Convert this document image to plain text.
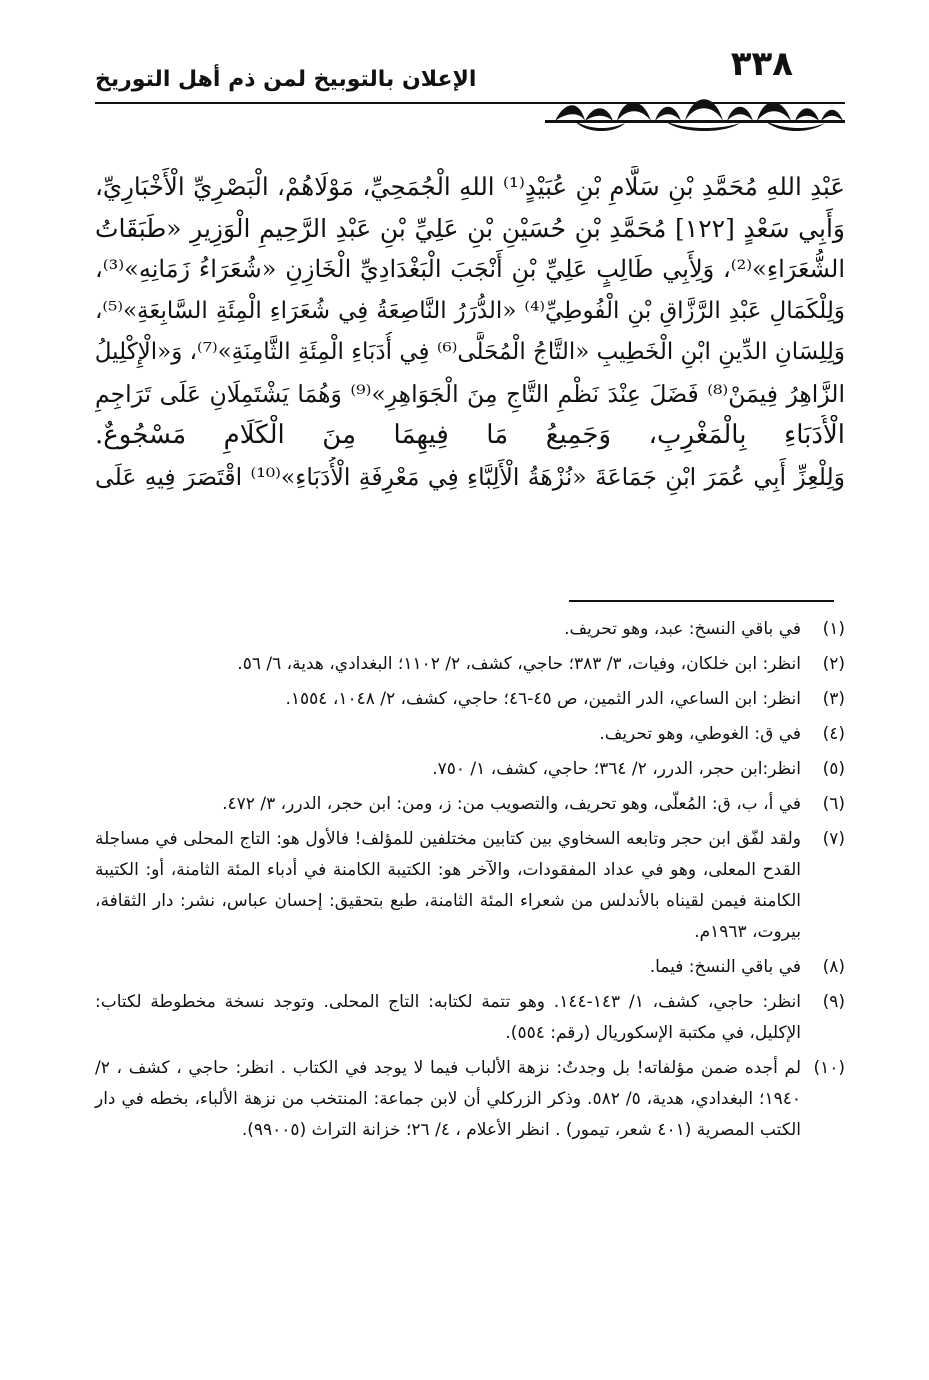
٣٣٨
الإعلان بالتوبيخ لمن ذم أهل التوريخ
عَبْدِ اللهِ مُحَمَّدِ بْنِ سَلَّامِ بْنِ عُبَيْدٍ⁽¹⁾ اللهِ الْجُمَحِيِّ، مَوْلَاهُمْ، الْبَصْرِيِّ الْأَخْبَارِيِّ،
وَأَبِي سَعْدٍ [١٢٢] مُحَمَّدِ بْنِ حُسَيْنِ بْنِ عَلِيِّ بْنِ عَبْدِ الرَّحِيمِ الْوَزِيرِ «طَبَقَاتُ
الشُّعَرَاءِ»⁽²⁾، وَلِأَبِي طَالِبٍ عَلِيِّ بْنِ أَنْجَبَ الْبَغْدَادِيِّ الْخَازِنِ «شُعَرَاءُ زَمَانِهِ»⁽³⁾،
وَلِلْكَمَالِ عَبْدِ الرَّزَّاقِ بْنِ الْفُوطِيِّ⁽⁴⁾ «الدُّرَرُ النَّاصِعَةُ فِي شُعَرَاءِ الْمِئَةِ السَّابِعَةِ»⁽⁵⁾،
وَلِلِسَانِ الدِّينِ ابْنِ الْخَطِيبِ «التَّاجُ الْمُحَلَّى⁽⁶⁾ فِي أُدَبَاءِ الْمِئَةِ الثَّامِنَةِ»⁽⁷⁾، وَ«الْإِكْلِيلُ
الزَّاهِرُ فِيمَنْ⁽⁸⁾ فَضَلَ عِنْدَ نَظْمِ التَّاجِ مِنَ الْجَوَاهِرِ»⁽⁹⁾ وَهُمَا يَشْتَمِلَانِ عَلَى تَرَاجِمِ
الْأُدَبَاءِ بِالْمَغْرِبِ، وَجَمِيعُ مَا فِيهِمَا مِنَ الْكَلَامِ مَسْجُوعٌ.
وَلِلْعِزِّ أَبِي عُمَرَ ابْنِ جَمَاعَةَ «نُزْهَةُ الْأَلِبَّاءِ فِي مَعْرِفَةِ الْأُدَبَاءِ»⁽¹⁰⁾ اقْتَصَرَ فِيهِ عَلَى
(١)
في باقي النسخ: عبد، وهو تحريف.
(٢)
انظر: ابن خلكان، وفيات، ٣/ ٣٨٣؛ حاجي، كشف، ٢/ ١١٠٢؛ البغدادي، هدية، ٦/ ٥٦.
(٣)
انظر: ابن الساعي، الدر الثمين، ص ٤٥-٤٦؛ حاجي، كشف، ٢/ ١٠٤٨، ١٥٥٤.
(٤)
في ق: الغوطي، وهو تحريف.
(٥)
انظر:ابن حجر، الدرر، ٢/ ٣٦٤؛ حاجي، كشف، ١/ ٧٥٠.
(٦)
في أ، ب، ق: المُعلّى، وهو تحريف، والتصويب من: ز، ومن: ابن حجر، الدرر، ٣/ ٤٧٢.
(٧)
ولقد لفّق ابن حجر وتابعه السخاوي بين كتابين مختلفين للمؤلف! فالأول هو: التاج المحلى في مساجلة القدح المعلى، وهو في عداد المفقودات، والآخر هو: الكتيبة الكامنة في أدباء المئة الثامنة، أو: الكتيبة الكامنة فيمن لقيناه بالأندلس من شعراء المئة الثامنة، طبع بتحقيق: إحسان عباس، نشر: دار الثقافة، بيروت، ١٩٦٣م.
(٨)
في باقي النسخ: فيما.
(٩)
انظر: حاجي، كشف، ١/ ١٤٣-١٤٤. وهو تتمة لكتابه: التاج المحلى. وتوجد نسخة مخطوطة لكتاب: الإكليل، في مكتبة الإسكوريال (رقم: ٥٥٤).
(١٠)
لم أجده ضمن مؤلفاته! بل وجدتُ: نزهة الألباب فيما لا يوجد في الكتاب . انظر: حاجي ، كشف ، ٢/ ١٩٤٠؛ البغدادي، هدية، ٥/ ٥٨٢. وذكر الزركلي أن لابن جماعة: المنتخب من نزهة الألباء، بخطه في دار الكتب المصرية (٤٠١ شعر، تيمور) . انظر الأعلام ، ٤/ ٢٦؛ خزانة التراث (٩٩٠٠٥).
